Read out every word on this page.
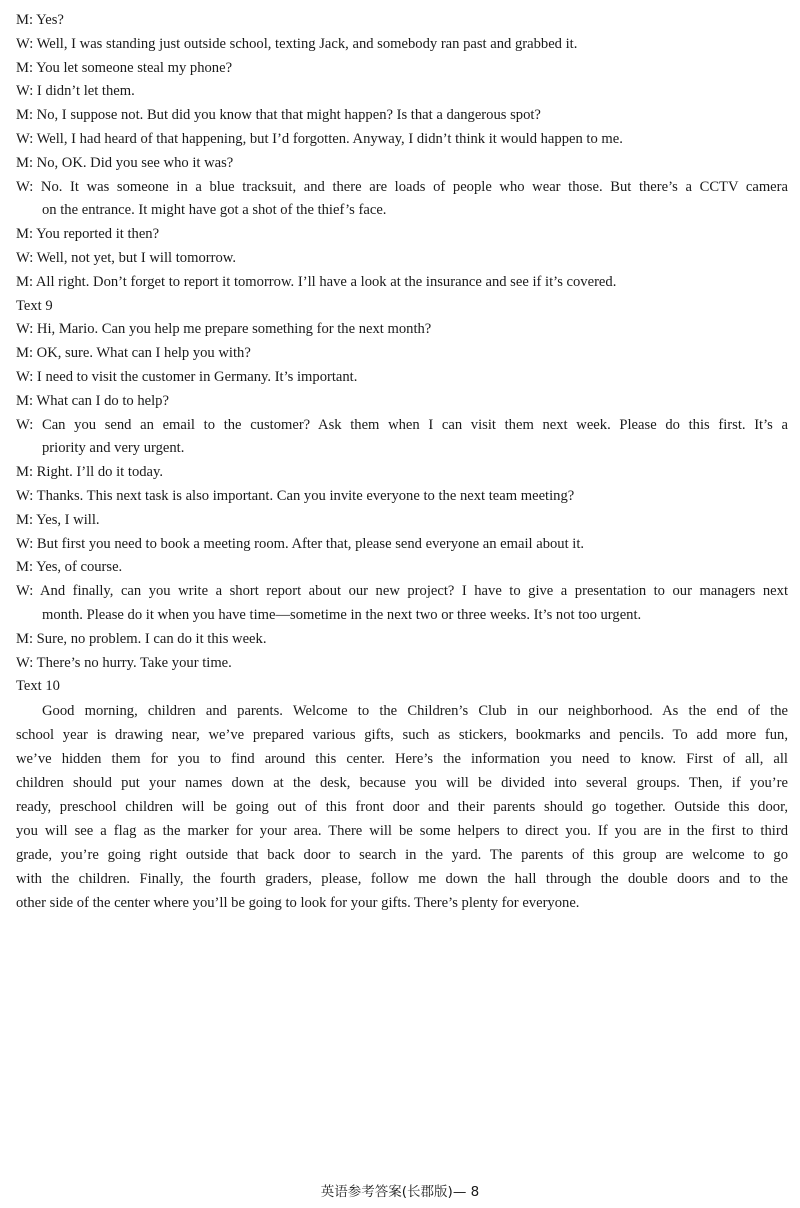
M: Yes?
W: Well, I was standing just outside school, texting Jack, and somebody ran past and grabbed it.
M: You let someone steal my phone?
W: I didn’t let them.
M: No, I suppose not. But did you know that that might happen? Is that a dangerous spot?
W: Well, I had heard of that happening, but I’d forgotten. Anyway, I didn’t think it would happen to me.
M: No, OK. Did you see who it was?
W: No. It was someone in a blue tracksuit, and there are loads of people who wear those. But there’s a CCTV camera
on the entrance. It might have got a shot of the thief’s face.
M: You reported it then?
W: Well, not yet, but I will tomorrow.
M: All right. Don’t forget to report it tomorrow. I’ll have a look at the insurance and see if it’s covered.
Text 9
W: Hi, Mario. Can you help me prepare something for the next month?
M: OK, sure. What can I help you with?
W: I need to visit the customer in Germany. It’s important.
M: What can I do to help?
W: Can you send an email to the customer? Ask them when I can visit them next week. Please do this first. It’s a
priority and very urgent.
M: Right. I’ll do it today.
W: Thanks. This next task is also important. Can you invite everyone to the next team meeting?
M: Yes, I will.
W: But first you need to book a meeting room. After that, please send everyone an email about it.
M: Yes, of course.
W: And finally, can you write a short report about our new project? I have to give a presentation to our managers next
month. Please do it when you have time—sometime in the next two or three weeks. It’s not too urgent.
M: Sure, no problem. I can do it this week.
W: There’s no hurry. Take your time.
Text 10
Good morning, children and parents. Welcome to the Children’s Club in our neighborhood. As the end of the
school year is drawing near, we’ve prepared various gifts, such as stickers, bookmarks and pencils. To add more fun,
we’ve hidden them for you to find around this center. Here’s the information you need to know. First of all, all
children should put your names down at the desk, because you will be divided into several groups. Then, if you’re
ready, preschool children will be going out of this front door and their parents should go together. Outside this door,
you will see a flag as the marker for your area. There will be some helpers to direct you. If you are in the first to third
grade, you’re going right outside that back door to search in the yard. The parents of this group are welcome to go
with the children. Finally, the fourth graders, please, follow me down the hall through the double doors and to the
other side of the center where you’ll be going to look for your gifts. There’s plenty for everyone.
英语参考答案(长郡版)— 8
